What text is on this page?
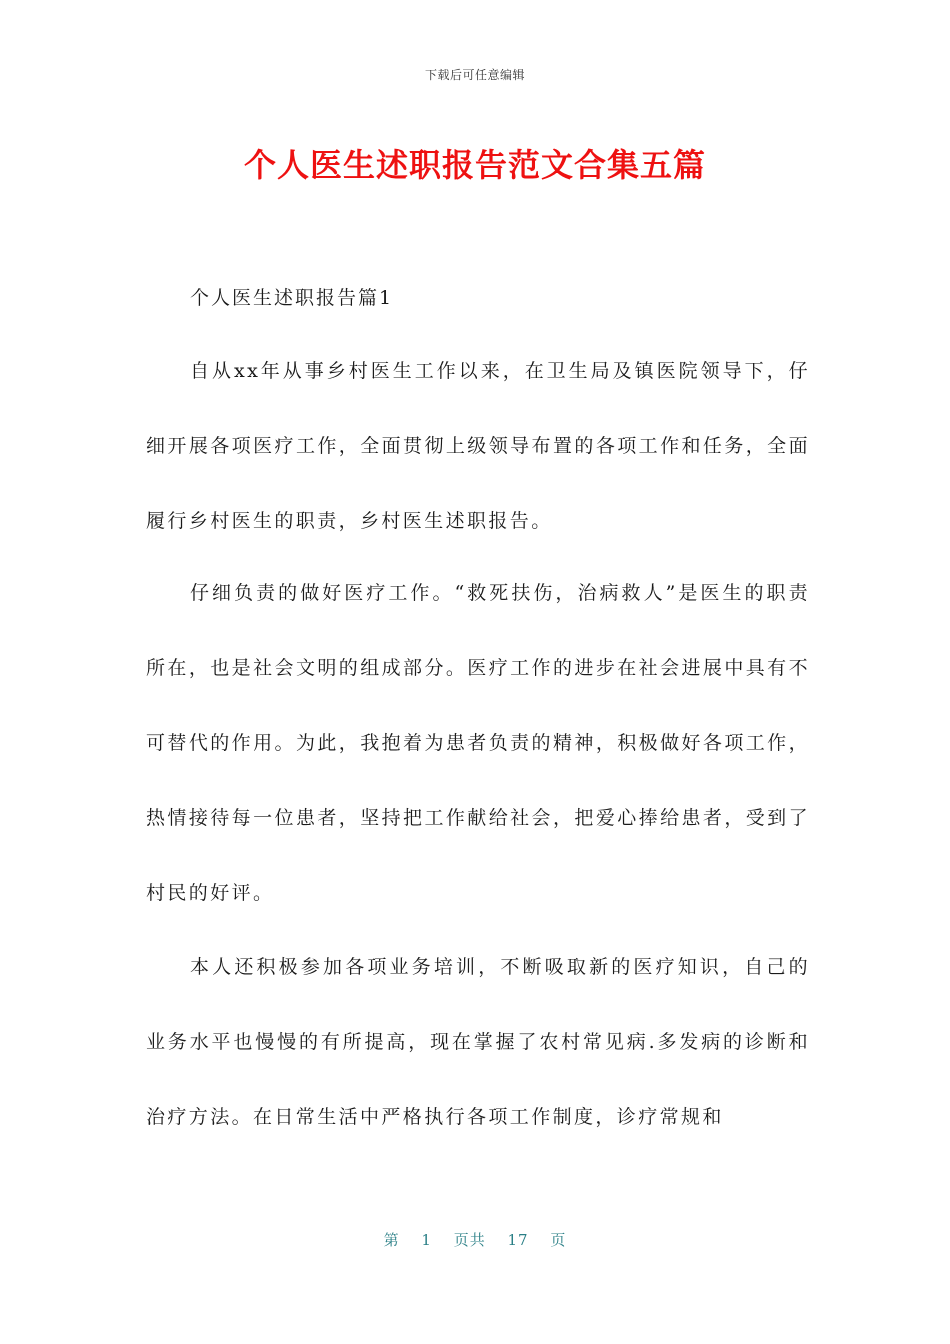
下载后可任意编辑
个人医生述职报告范文合集五篇
个人医生述职报告篇1

自从xx年从事乡村医生工作以来，在卫生局及镇医院领导下，仔细开展各项医疗工作，全面贯彻上级领导布置的各项工作和任务，全面履行乡村医生的职责，乡村医生述职报告。

仔细负责的做好医疗工作。“救死扶伤，治病救人”是医生的职责所在，也是社会文明的组成部分。医疗工作的进步在社会进展中具有不可替代的作用。为此，我抱着为患者负责的精神，积极做好各项工作，热情接待每一位患者，坚持把工作献给社会，把爱心捧给患者，受到了村民的好评。

本人还积极参加各项业务培训，不断吸取新的医疗知识，自己的业务水平也慢慢的有所提高，现在掌握了农村常见病.多发病的诊断和治疗方法。在日常生活中严格执行各项工作制度，诊疗常规和

第 1 页共 17 页
